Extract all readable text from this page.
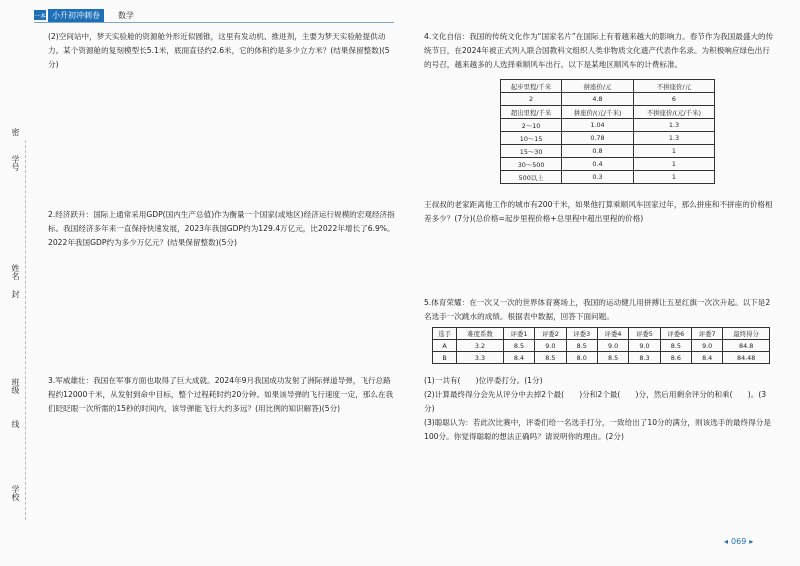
一本 小升初冲刺卷	数学
密
学号
姓名
封
班级
线
学校
(2)空间站中，梦天实验舱的资源舱外形近似圆锥，这里有发动机、推进剂，主要为梦天实验舱提供动力。某个资源舱的复刻模型长5.1米，底面直径约2.6米，它的体积约是多少立方米？(结果保留整数)(5分)
2.经济跃升：国际上通常采用GDP(国内生产总值)作为衡量一个国家(或地区)经济运行规模的宏观经济指标。我国经济多年来一直保持快速发展，2023年我国GDP约为129.4万亿元，比2022年增长了6.9%。2022年我国GDP约为多少万亿元？(结果保留整数)(5分)
3.军威雄壮：我国在军事方面也取得了巨大成就。2024年9月我国成功发射了洲际弹道导弹，飞行总路程约12000千米，从发射到命中目标，整个过程耗时约20分钟。如果该导弹的飞行速度一定，那么在我们眨眨眼一次所需的15秒的时间内，该导弹能飞行大约多远？(用比例的知识解答)(5分)
4.文化自信：我国的传统文化作为“国家名片”在国际上有着越来越大的影响力。春节作为我国最盛大的传统节日，在2024年被正式列入联合国教科文组织人类非物质文化遗产代表作名录。为积极响应绿色出行的号召，越来越多的人选择乘顺风车出行。以下是某地区顺风车的计费标准。
王叔叔的老家距离他工作的城市有200千米，如果他打算乘顺风车回家过年，那么拼座和不拼座的价格相差多少？(7分)(总价格=起步里程价格+总里程中超出里程的价格)
5.体育荣耀：在一次又一次的世界体育赛场上，我国的运动健儿用拼搏让五星红旗一次次升起。以下是2名选手一次跳水的成绩。根据表中数据，回答下面问题。
(1)一共有(　　)位评委打分。(1分)
(2)计算最终得分会先从评分中去掉2个最(　　)分和2个最(　　)分，然后用剩余评分的和乘(　　)。(3分)
(3)聪聪认为：若此次比赛中，评委们给一名选手打分，一致给出了10分的满分，则该选手的最终得分是100分。你觉得聪聪的想法正确吗？请说明你的理由。(2分)
起步里程/千米	拼座价/元	不拼座价/元
2	4.8	6
超出里程/千米	拼座价/(元/千米)	不拼座价/(元/千米)
2～10	1.04	1.3
10～15	0.78	1.3
15～30	0.8	1
30～500	0.4	1
500以上	0.3	1
选手	难度系数	评委1	评委2	评委3	评委4	评委5	评委6	评委7	最终得分
A	3.2	8.5	9.0	8.5	9.0	9.0	8.5	9.0	84.8
B	3.3	8.4	8.5	8.0	8.5	8.3	8.6	8.4	84.48
◂ 069 ▸
